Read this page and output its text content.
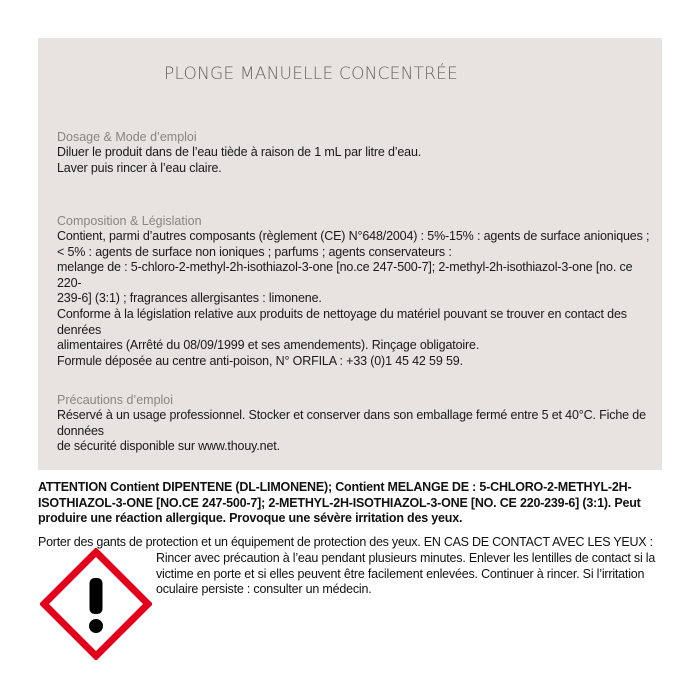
PLONGE MANUELLE CONCENTRÉE
Dosage & Mode d’emploi
Diluer le produit dans de l’eau tiède à raison de 1 mL par litre d’eau.
Laver puis rincer à l’eau claire.
Composition & Législation
Contient, parmi d’autres composants (règlement (CE) N°648/2004) : 5%-15% : agents de surface anioniques ;
< 5% : agents de surface non ioniques ; parfums ; agents conservateurs :
melange de : 5-chloro-2-methyl-2h-isothiazol-3-one [no.ce 247-500-7]; 2-methyl-2h-isothiazol-3-one [no. ce 220-
239-6] (3:1) ; fragrances allergisantes : limonene.
Conforme à la législation relative aux produits de nettoyage du matériel pouvant se trouver en contact des denrées
alimentaires (Arrêté du 08/09/1999 et ses amendements). Rinçage obligatoire.
Formule déposée au centre anti-poison, N° ORFILA : +33 (0)1 45 42 59 59.
Précautions d’emploi
Réservé à un usage professionnel. Stocker et conserver dans son emballage fermé entre 5 et 40°C. Fiche de données
de sécurité disponible sur www.thouy.net.
ATTENTION Contient DIPENTENE (DL-LIMONENE); Contient MELANGE DE : 5-CHLORO-2-METHYL-2H-
ISOTHIAZOL-3-ONE [NO.CE 247-500-7]; 2-METHYL-2H-ISOTHIAZOL-3-ONE [NO. CE 220-239-6] (3:1). Peut
produire une réaction allergique. Provoque une sévère irritation des yeux.
Porter des gants de protection et un équipement de protection des yeux. EN CAS DE CONTACT AVEC LES YEUX :
Rincer avec précaution à l’eau pendant plusieurs minutes. Enlever les lentilles de contact si la
victime en porte et si elles peuvent être facilement enlevées. Continuer à rincer. Si l’irritation
oculaire persiste : consulter un médecin.
